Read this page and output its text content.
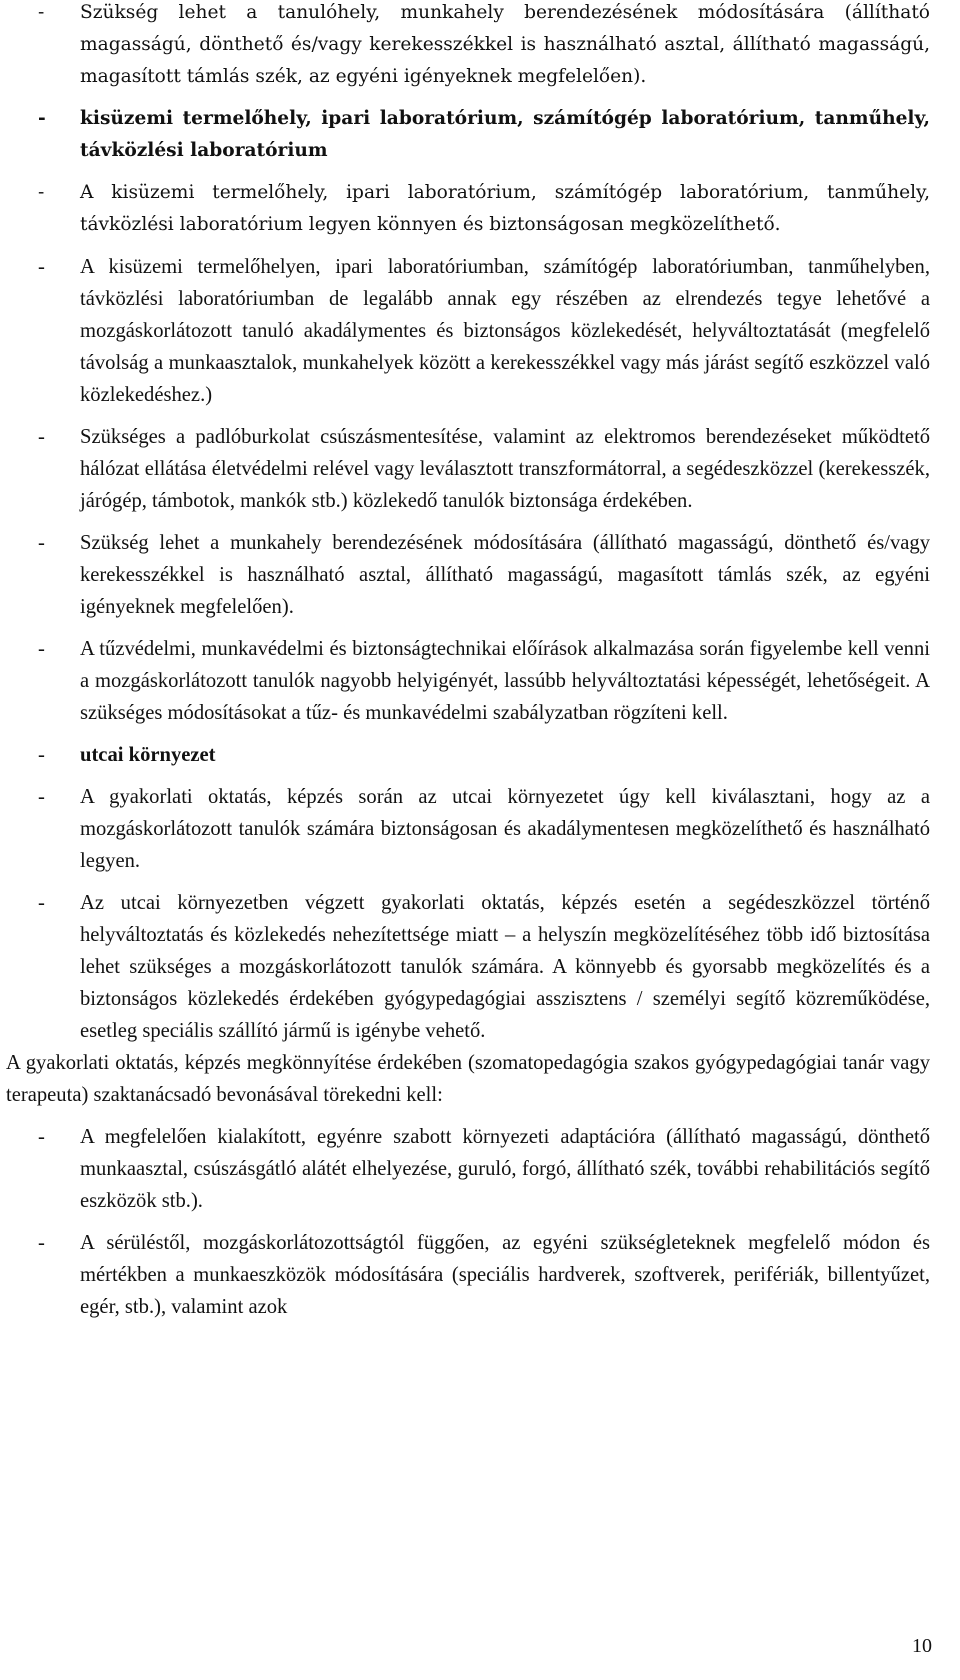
- Szükség lehet a tanulóhely, munkahely berendezésének módosítására (állítható magasságú, dönthető és/vagy kerekesszékkel is használható asztal, állítható magasságú, magasított támlás szék, az egyéni igényeknek megfelelően).
- kisüzemi termelőhely, ipari laboratórium, számítógép laboratórium, tanműhely, távközlési laboratórium
- A kisüzemi termelőhely, ipari laboratórium, számítógép laboratórium, tanműhely, távközlési laboratórium legyen könnyen és biztonságosan megközelíthető.
- A kisüzemi termelőhelyen, ipari laboratóriumban, számítógép laboratóriumban, tanműhelyben, távközlési laboratóriumban de legalább annak egy részében az elrendezés tegye lehetővé a mozgáskorlátozott tanuló akadálymentes és biztonságos közlekedését, helyváltoztatását (megfelelő távolság a munkaasztalok, munkahelyek között a kerekesszékkel vagy más járást segítő eszközzel való közlekedéshez.)
- Szükséges a padlóburkolat csúszásmentesítése, valamint az elektromos berendezéseket működtető hálózat ellátása életvédelmi relével vagy leválasztott transzformátorral, a segédeszközzel (kerekesszék, járógép, támbotok, mankók stb.) közlekedő tanulók biztonsága érdekében.
- Szükség lehet a munkahely berendezésének módosítására (állítható magasságú, dönthető és/vagy kerekesszékkel is használható asztal, állítható magasságú, magasított támlás szék, az egyéni igényeknek megfelelően).
- A tűzvédelmi, munkavédelmi és biztonságtechnikai előírások alkalmazása során figyelembe kell venni a mozgáskorlátozott tanulók nagyobb helyigényét, lassúbb helyváltoztatási képességét, lehetőségeit. A szükséges módosításokat a tűz- és munkavédelmi szabályzatban rögzíteni kell.
- utcai környezet
- A gyakorlati oktatás, képzés során az utcai környezetet úgy kell kiválasztani, hogy az a mozgáskorlátozott tanulók számára biztonságosan és akadálymentesen megközelíthető és használható legyen.
- Az utcai környezetben végzett gyakorlati oktatás, képzés esetén a segédeszközzel történő helyváltoztatás és közlekedés nehezítettsége miatt – a helyszín megközelítéséhez több idő biztosítása lehet szükséges a mozgáskorlátozott tanulók számára. A könnyebb és gyorsabb megközelítés és a biztonságos közlekedés érdekében gyógypedagógiai asszisztens / személyi segítő közreműködése, esetleg speciális szállító jármű is igénybe vehető.
A gyakorlati oktatás, képzés megkönnyítése érdekében (szomatopedagógia szakos gyógypedagógiai tanár vagy terapeuta) szaktanácsadó bevonásával törekedni kell:
- A megfelelően kialakított, egyénre szabott környezeti adaptációra (állítható magasságú, dönthető munkaasztal, csúszásgátló alátét elhelyezése, guruló, forgó, állítható szék, további rehabilitációs segítő eszközök stb.).
- A sérüléstől, mozgáskorlátozottságtól függően, az egyéni szükségleteknek megfelelő módon és mértékben a munkaeszközök módosítására (speciális hardverek, szoftverek, perifériák, billentyűzet, egér, stb.), valamint azok
10
